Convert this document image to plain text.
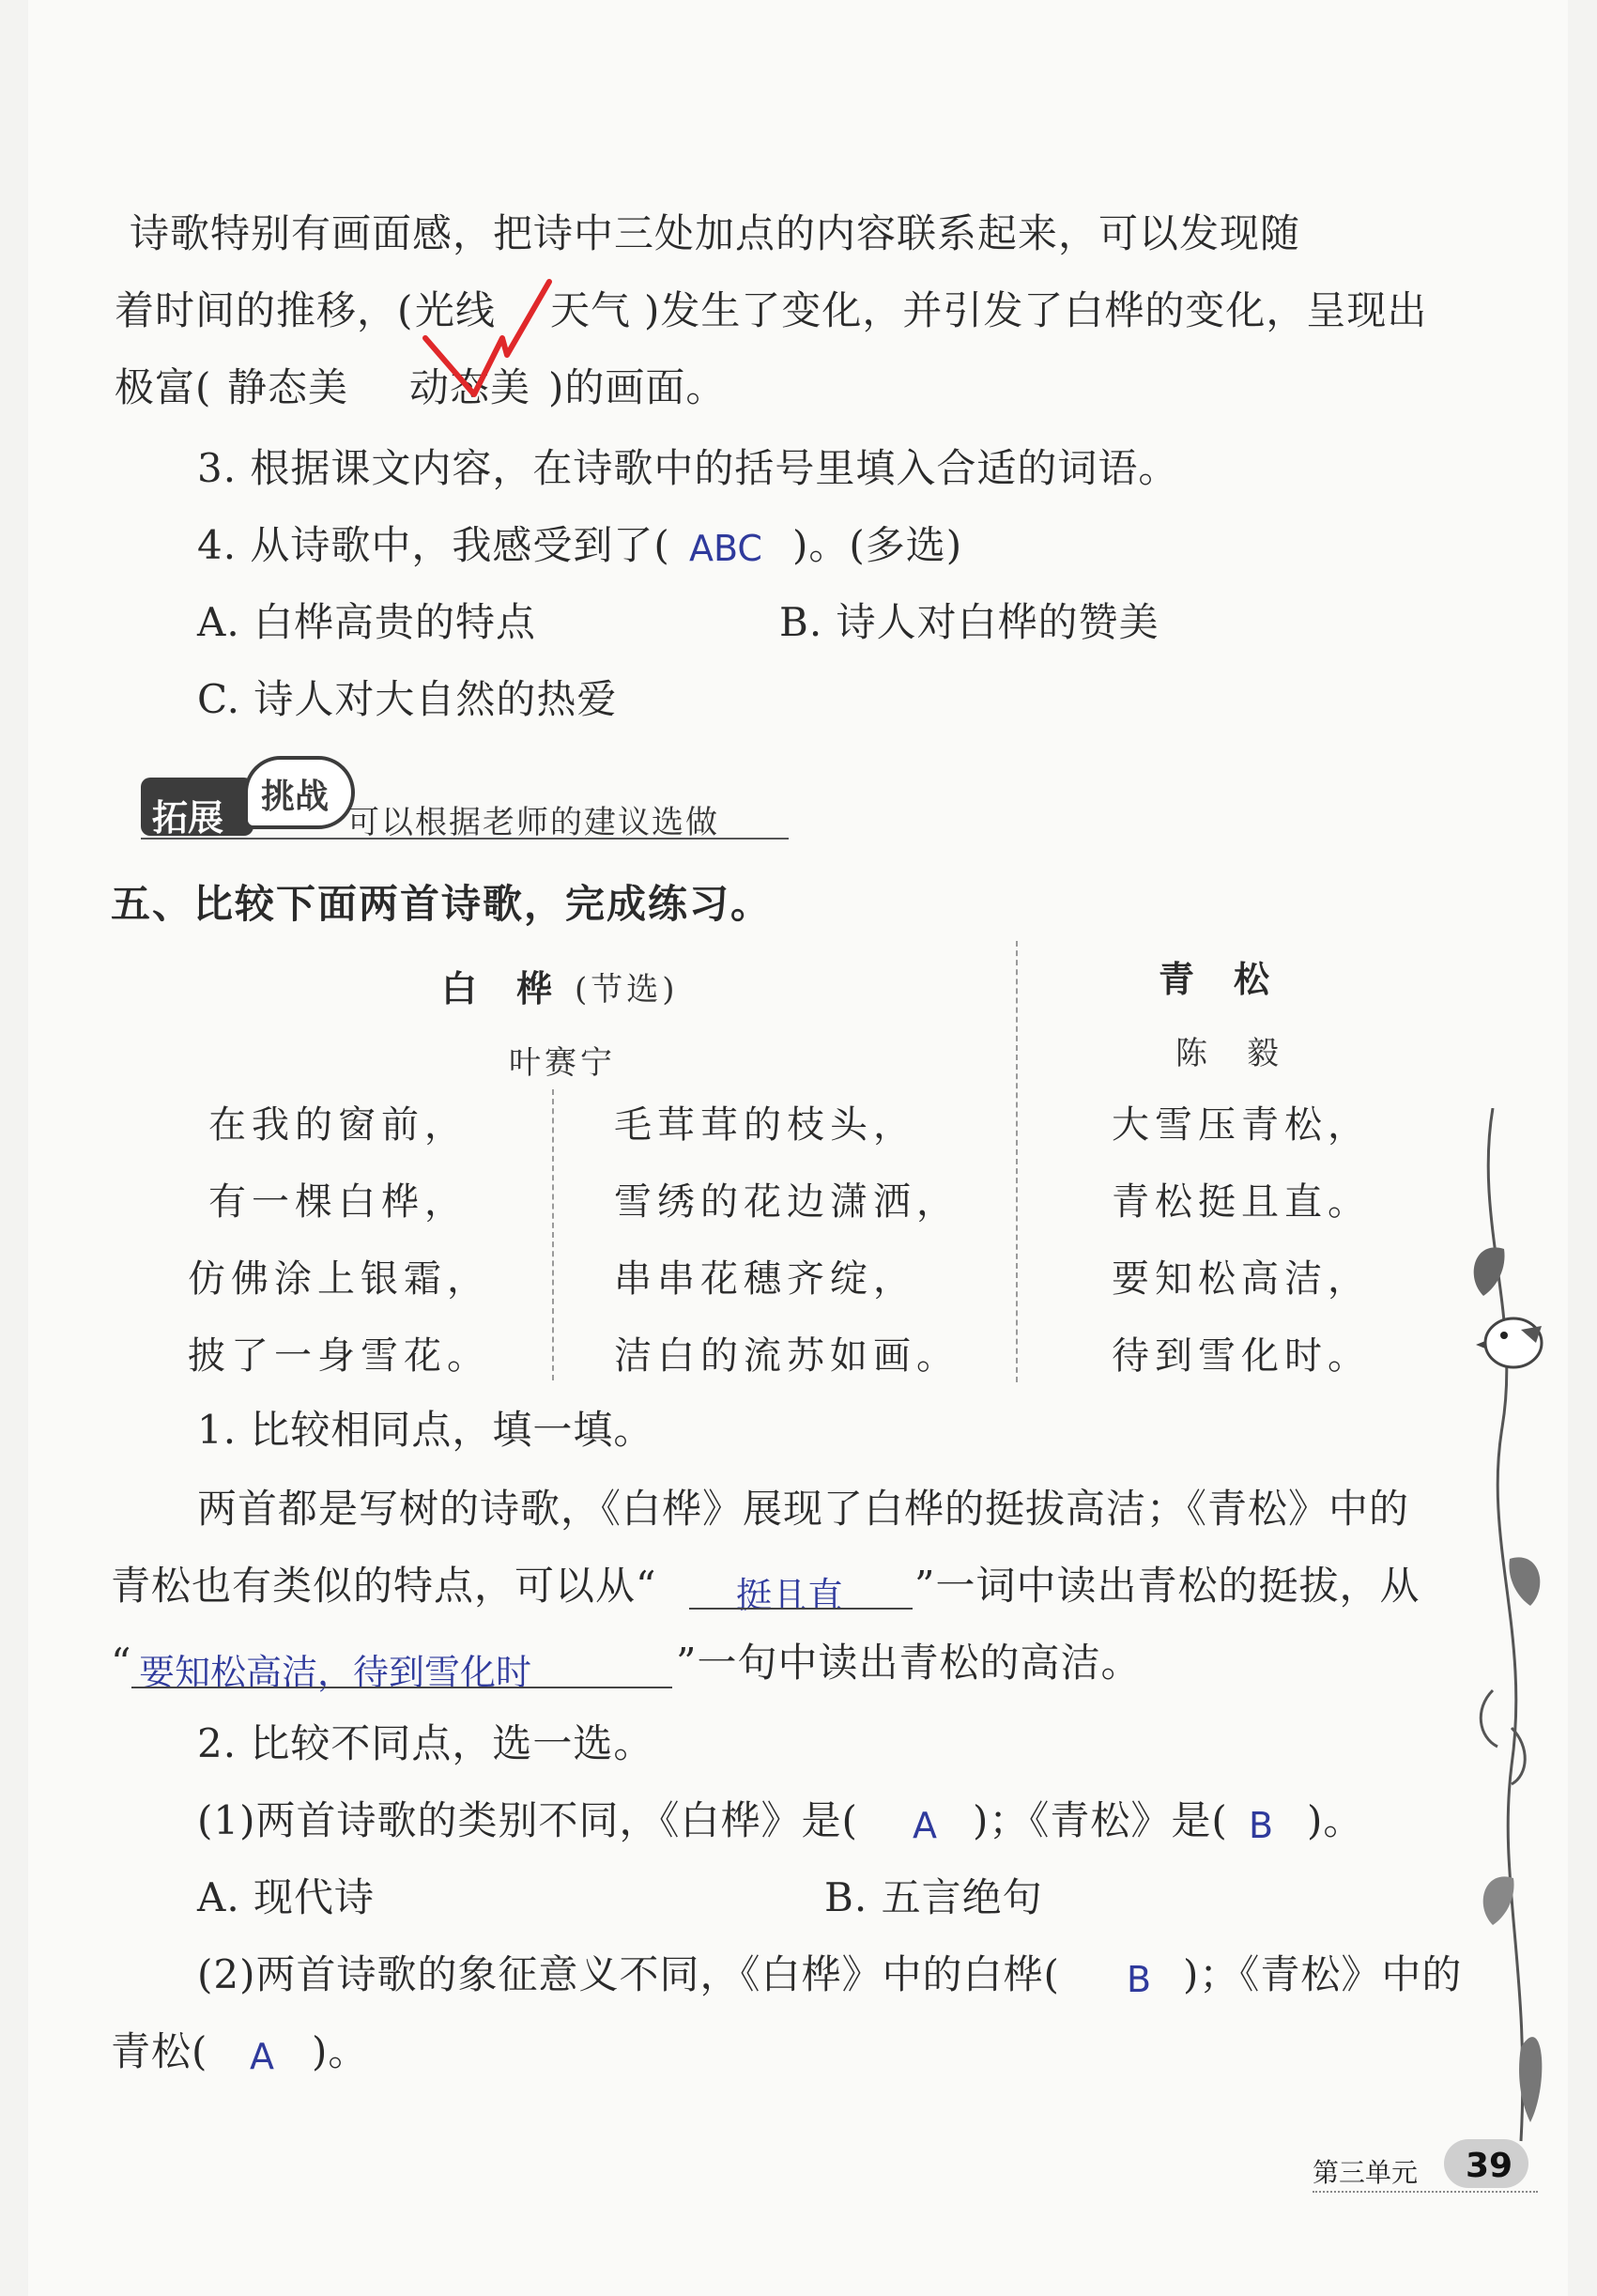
诗歌特别有画面感，把诗中三处加点的内容联系起来，可以发现随
着时间的推移，( 光线 天气 )发生了变化，并引发了白桦的变化，呈现出
极富( 静态美 动态美 )的画面。
3. 根据课文内容，在诗歌中的括号里填入合适的词语。
4. 从诗歌中，我感受到了( ABC )。(多选)
A. 白桦高贵的特点	B. 诗人对白桦的赞美
C. 诗人对大自然的热爱
拓展
挑战
可以根据老师的建议选做
五、比较下面两首诗歌，完成练习。
白　桦 (节选)
叶赛宁
在我的窗前，
有一棵白桦，
仿佛涂上银霜，
披了一身雪花。
毛茸茸的枝头，
雪绣的花边潇洒，
串串花穗齐绽，
洁白的流苏如画。
青　松
陈　毅
大雪压青松，
青松挺且直。
要知松高洁，
待到雪化时。
1. 比较相同点，填一填。
两首都是写树的诗歌，《白桦》展现了白桦的挺拔高洁；《青松》中的
青松也有类似的特点，可以从“ 挺且直 ”一词中读出青松的挺拔，从
“ 要知松高洁，待到雪化时	”一句中读出青松的高洁。
2. 比较不同点，选一选。
(1)两首诗歌的类别不同，《白桦》是( A )；《青松》是( B )。
A. 现代诗	B. 五言绝句
(2)两首诗歌的象征意义不同，《白桦》中的白桦( B )；《青松》中的
青松( A )。
第三单元 39
